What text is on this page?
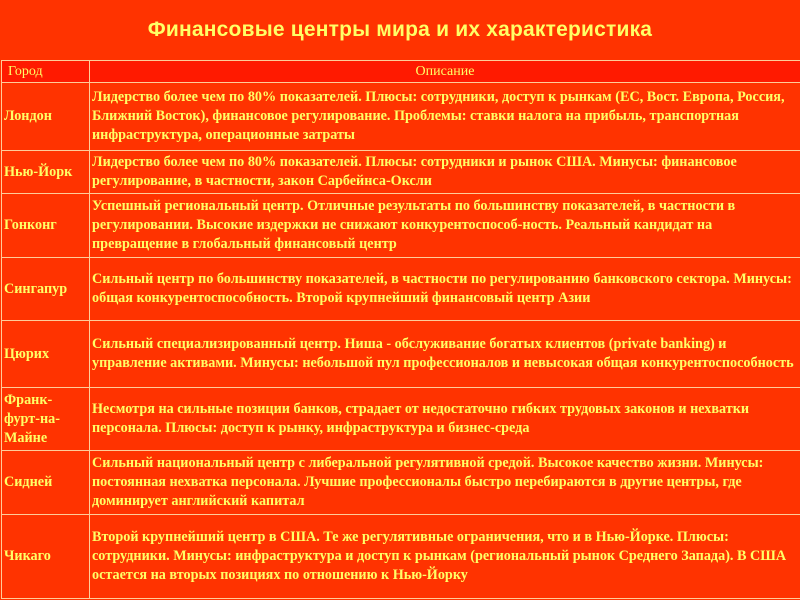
Финансовые центры мира и их характеристика
Город	Описание
Лондон	Лидерство более чем по 80% показателей. Плюсы: сотрудники, доступ к рынкам (ЕС, Вост. Европа, Россия, Ближний Восток), финансовое регулирование. Проблемы: ставки налога на прибыль, транспортная инфраструктура, операционные затраты
Нью-Йорк	Лидерство более чем по 80% показателей. Плюсы: сотрудники и рынок США. Минусы: финансовое регулирование, в частности, закон Сарбейнса-Оксли
Гонконг	Успешный региональный центр. Отличные результаты по большинству показателей, в частности в регулировании. Высокие издержки не снижают конкурентоспособ-ность. Реальный кандидат на превращение в глобальный финансовый центр
Сингапур	Сильный центр по большинству показателей, в частности по регулированию банковского сектора. Минусы: общая конкурентоспособность. Второй крупнейший финансовый центр Азии
Цюрих	Сильный специализированный центр. Ниша - обслуживание богатых клиентов (private banking) и управление активами. Минусы: небольшой пул профессионалов и невысокая общая конкурентоспособность
Франк-фурт-на-Майне	Несмотря на сильные позиции банков, страдает от недостаточно гибких трудовых законов и нехватки персонала. Плюсы: доступ к рынку, инфраструктура и бизнес-среда
Сидней	Сильный национальный центр с либеральной регулятивной средой. Высокое качество жизни. Минусы: постоянная нехватка персонала. Лучшие профессионалы быстро перебираются в другие центры, где доминирует английский капитал
Чикаго	Второй крупнейший центр в США. Те же регулятивные ограничения, что и в Нью-Йорке. Плюсы: сотрудники. Минусы: инфраструктура и доступ к рынкам (региональный рынок Среднего Запада). В США остается на вторых позициях по отношению к Нью-Йорку
